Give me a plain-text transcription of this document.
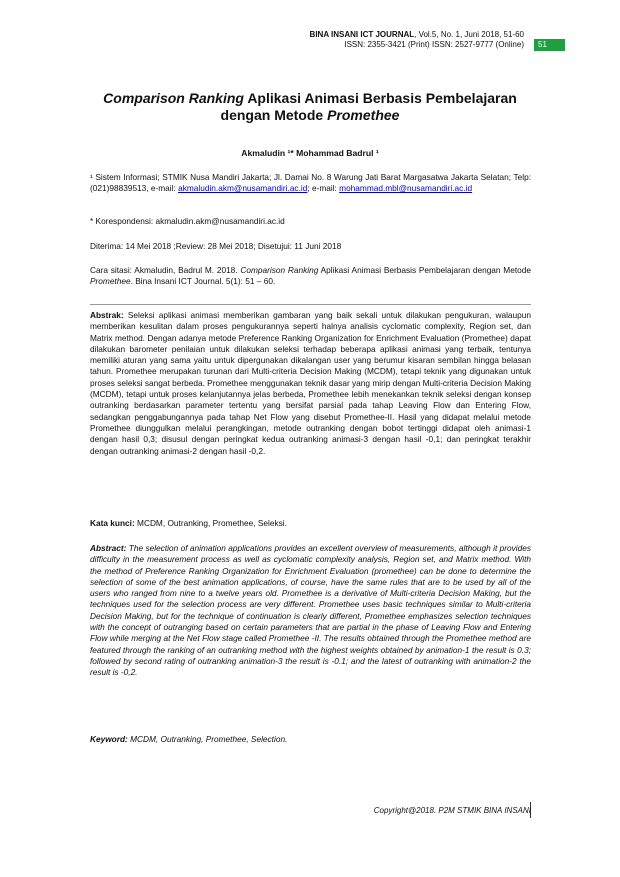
BINA INSANI ICT JOURNAL, Vol.5, No. 1, Juni 2018, 51-60
ISSN: 2355-3421 (Print) ISSN: 2527-9777 (Online)	51
Comparison Ranking Aplikasi Animasi Berbasis Pembelajaran
dengan Metode Promethee
Akmaludin ¹* Mohammad Badrul ¹
¹ Sistem Informasi; STMIK Nusa Mandiri Jakarta; Jl. Damai No. 8 Warung Jati Barat Margasatwa Jakarta Selatan; Telp: (021)98839513, e-mail: akmaludin.akm@nusamandiri.ac.id; e-mail: mohammad.mbl@nusamandiri.ac.id
* Korespondensi: akmaludin.akm@nusamandiri.ac.id
Diterima: 14 Mei 2018 ;Review: 28 Mei 2018; Disetujui: 11 Juni 2018
Cara sitasi: Akmaludin, Badrul M. 2018. Comparison Ranking Aplikasi Animasi Berbasis Pembelajaran dengan Metode Promethee. Bina Insani ICT Journal. 5(1): 51 – 60.
Abstrak: Seleksi aplikasi animasi memberikan gambaran yang baik sekali untuk dilakukan pengukuran, walaupun memberikan kesulitan dalam proses pengukurannya seperti halnya analisis cyclomatic complexity, Region set, dan Matrix method. Dengan adanya metode Preference Ranking Organization for Enrichment Evaluation (Promethee) dapat dilakukan barometer penilaian untuk dilakukan seleksi terhadap beberapa aplikasi animasi yang terbaik, tentunya memiliki aturan yang sama yaitu untuk dipergunakan dikalangan user yang berumur kisaran sembilan hingga belasan tahun. Promethee merupakan turunan dari Multi-criteria Decision Making (MCDM), tetapi teknik yang digunakan untuk proses seleksi sangat berbeda. Promethee menggunakan teknik dasar yang mirip dengan Multi-criteria Decision Making (MCDM), tetapi untuk proses kelanjutannya jelas berbeda, Promethee lebih menekankan teknik seleksi dengan konsep outranking berdasarkan parameter tertentu yang bersifat parsial pada tahap Leaving Flow dan Entering Flow, sedangkan penggabungannya pada tahap Net Flow yang disebut Promethee-II. Hasil yang didapat melalui metode Promethee diunggulkan melalui perangkingan, metode outranking dengan bobot tertinggi didapat oleh animasi-1 dengan hasil 0,3; disusul dengan peringkat kedua outranking animasi-3 dengan hasil -0,1; dan peringkat terakhir dengan outranking animasi-2 dengan hasil -0,2.
Kata kunci: MCDM, Outranking, Promethee, Seleksi.
Abstract: The selection of animation applications provides an excellent overview of measurements, although it provides difficulty in the measurement process as well as cyclomatic complexity analysis, Region set, and Matrix method. With the method of Preference Ranking Organization for Enrichment Evaluation (promethee) can be done to determine the selection of some of the best animation applications, of course, have the same rules that are to be used by all of the users who ranged from nine to a twelve years old. Promethee is a derivative of Multi-criteria Decision Making, but the techniques used for the selection process are very different. Promethee uses basic techniques similar to Multi-criteria Decision Making, but for the technique of continuation is clearly different, Promethee emphasizes selection techniques with the concept of outranging based on certain parameters that are partial in the phase of Leaving Flow and Entering Flow while merging at the Net Flow stage called Promethee -II. The results obtained through the Promethee method are featured through the ranking of an outranking method with the highest weights obtained by animation-1 the result is 0.3; followed by second rating of outranking animation-3 the result is -0.1; and the latest of outranking with animation-2 the result is -0,2.
Keyword: MCDM, Outranking, Promethee, Selection.
Copyright@2018. P2M STMIK BINA INSANI
